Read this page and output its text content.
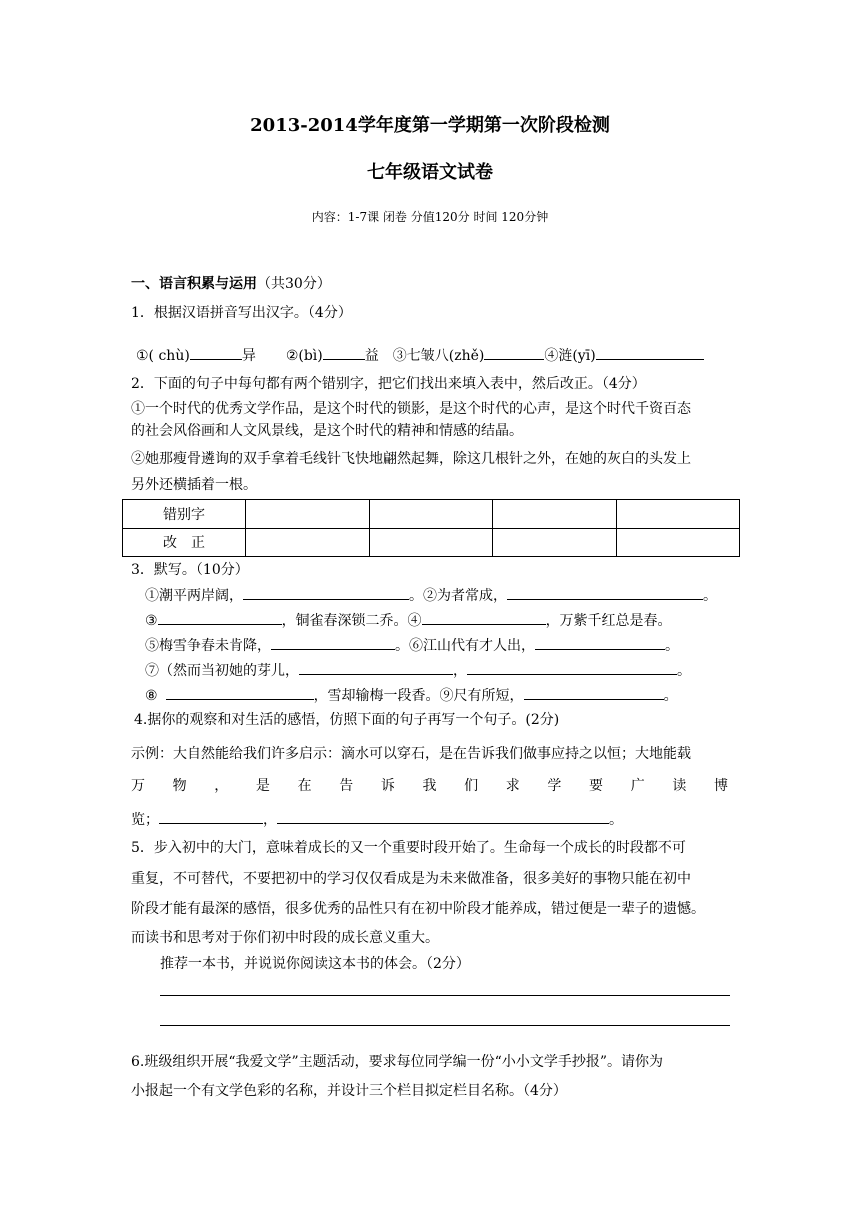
2013-2014学年度第一学期第一次阶段检测
七年级语文试卷
内容：1-7课 闭卷 分值120分 时间 120分钟
一、语言积累与运用（共30分）
1．根据汉语拼音写出汉字。（4分）
①( chù)	异 ②(bì)	益 ③七皱八(zhě)	④涟(yī)
2．下面的句子中每句都有两个错别字，把它们找出来填入表中，然后改正。（4分）
①一个时代的优秀文学作品，是这个时代的锁影，是这个时代的心声，是这个时代千资百态
的社会风俗画和人文风景线，是这个时代的精神和情感的结晶。
②她那瘦骨遴询的双手拿着毛线针飞快地翩然起舞，除这几根针之外，在她的灰白的头发上
另外还横插着一根。
错别字				
改　正				
3．默写。（10分）
①潮平两岸阔，	。②为者常成，	。
③	，铜雀春深锁二乔。④	，万紫千红总是春。
⑤梅雪争春未肯降，	。⑥江山代有才人出，	。
⑦（然而当初她的芽儿，	，	。
⑧	，雪却输梅一段香。⑨尺有所短，	。
4.据你的观察和对生活的感悟，仿照下面的句子再写一个句子。(2分)
示例：大自然能给我们许多启示：滴水可以穿石，是在告诉我们做事应持之以恒；大地能载
万 物 ， 是 在 告 诉 我 们 求 学 要 广 读 博
览；	，	。
5．步入初中的大门，意味着成长的又一个重要时段开始了。生命每一个成长的时段都不可
重复，不可替代，不要把初中的学习仅仅看成是为未来做准备，很多美好的事物只能在初中
阶段才能有最深的感悟，很多优秀的品性只有在初中阶段才能养成，错过便是一辈子的遗憾。
而读书和思考对于你们初中时段的成长意义重大。
推荐一本书，并说说你阅读这本书的体会。（2分）
6.班级组织开展“我爱文学”主题活动，要求每位同学编一份“小小文学手抄报”。请你为
小报起一个有文学色彩的名称，并设计三个栏目拟定栏目名称。（4分）
